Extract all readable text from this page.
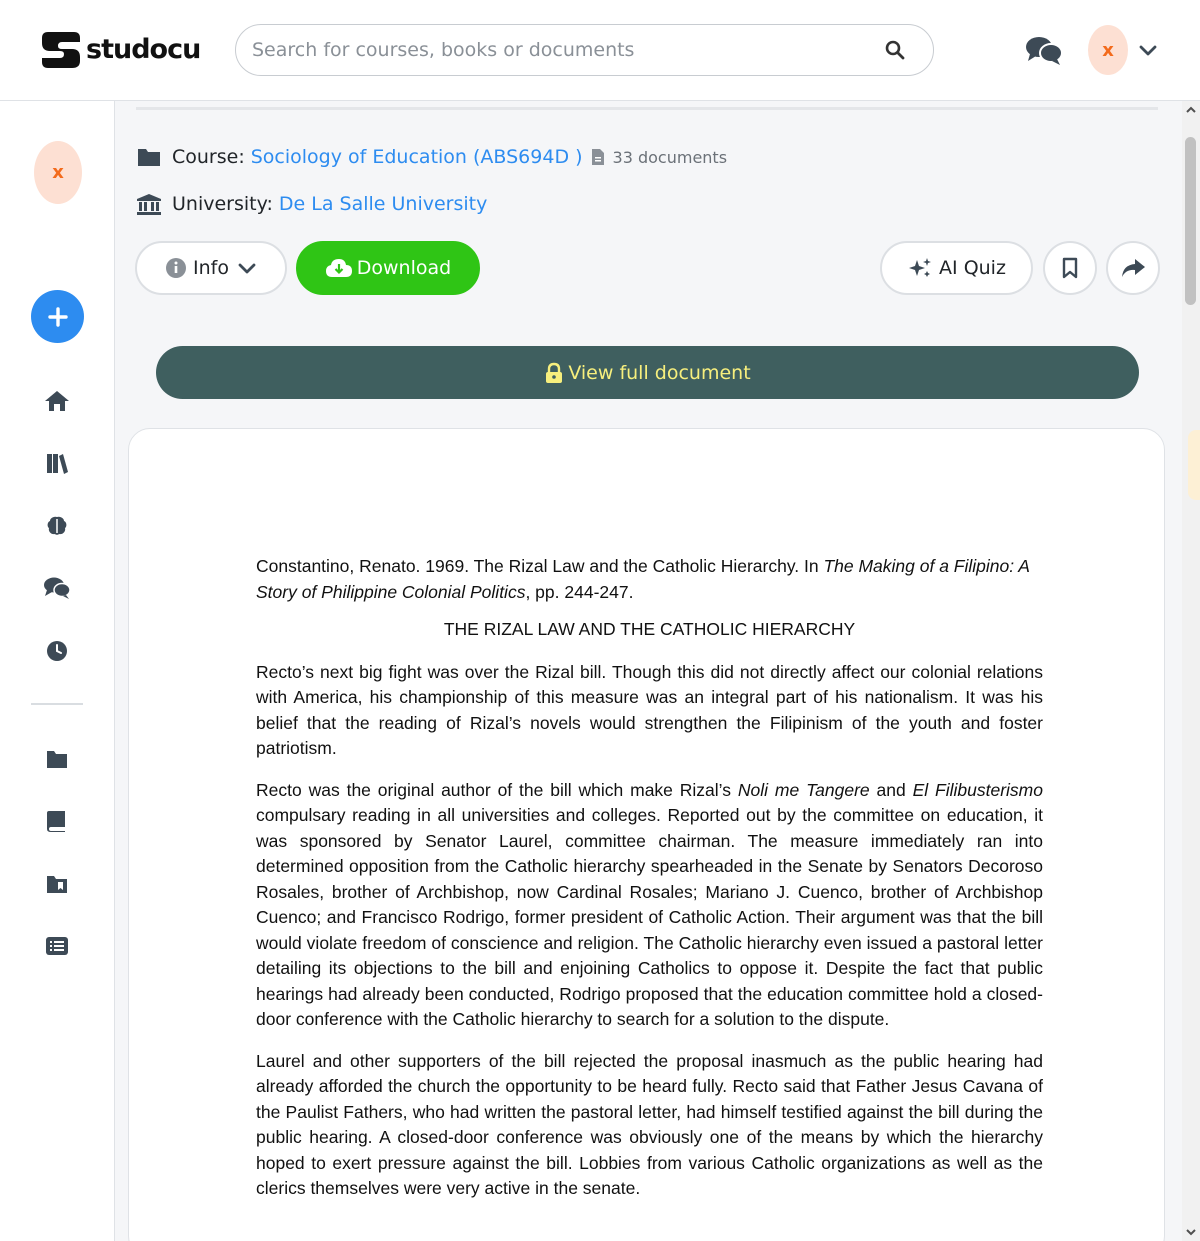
studocu
Search for courses, books or documents	x
x
Course: Sociology of Education (ABS694D ) 33 documents
University: De La Salle University
Info	Download	AI Quiz
View full document

Constantino, Renato. 1969. The Rizal Law and the Catholic Hierarchy. In The Making of a Filipino: A Story of Philippine Colonial Politics, pp. 244-247.

THE RIZAL LAW AND THE CATHOLIC HIERARCHY

Recto’s next big fight was over the Rizal bill. Though this did not directly affect our colonial relations with America, his championship of this measure was an integral part of his nationalism. It was his belief that the reading of Rizal’s novels would strengthen the Filipinism of the youth and foster patriotism.

Recto was the original author of the bill which make Rizal’s Noli me Tangere and El Filibusterismo compulsary reading in all universities and colleges. Reported out by the committee on education, it was sponsored by Senator Laurel, committee chairman. The measure immediately ran into determined opposition from the Catholic hierarchy spearheaded in the Senate by Senators Decoroso Rosales, brother of Archbishop, now Cardinal Rosales; Mariano J. Cuenco, brother of Archbishop Cuenco; and Francisco Rodrigo, former president of Catholic Action. Their argument was that the bill would violate freedom of conscience and religion. The Catholic hierarchy even issued a pastoral letter detailing its objections to the bill and enjoining Catholics to oppose it. Despite the fact that public hearings had already been conducted, Rodrigo proposed that the education committee hold a closed-door conference with the Catholic hierarchy to search for a solution to the dispute.

Laurel and other supporters of the bill rejected the proposal inasmuch as the public hearing had already afforded the church the opportunity to be heard fully. Recto said that Father Jesus Cavana of the Paulist Fathers, who had written the pastoral letter, had himself testified against the bill during the public hearing. A closed-door conference was obviously one of the means by which the hierarchy hoped to exert pressure against the bill. Lobbies from various Catholic organizations as well as the clerics themselves were very active in the senate.
